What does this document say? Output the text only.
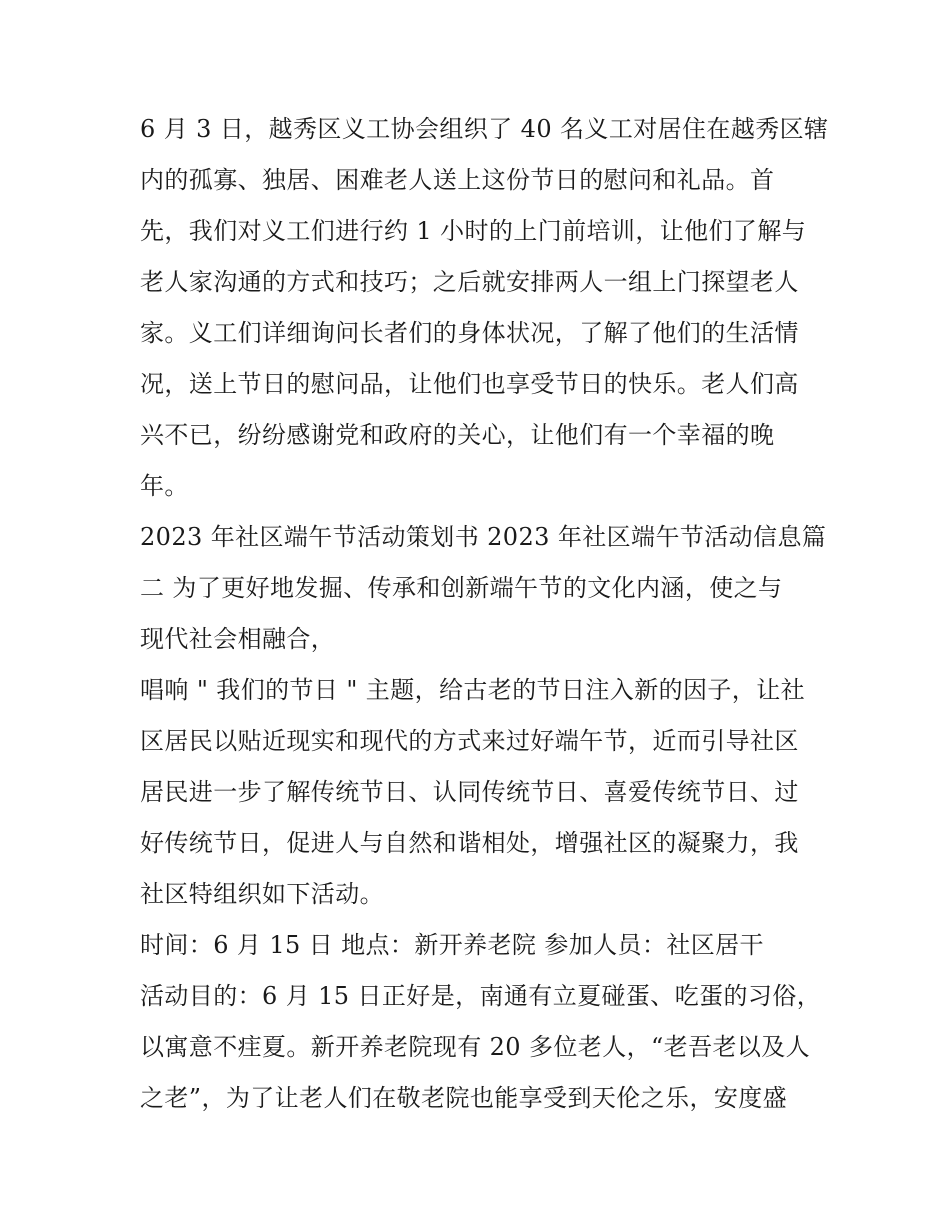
6 月 3 日，越秀区义工协会组织了 40 名义工对居住在越秀区辖
内的孤寡、独居、困难老人送上这份节日的慰问和礼品。首
先，我们对义工们进行约 1 小时的上门前培训，让他们了解与
老人家沟通的方式和技巧；之后就安排两人一组上门探望老人
家。义工们详细询问长者们的身体状况，了解了他们的生活情
况，送上节日的慰问品，让他们也享受节日的快乐。老人们高
兴不已，纷纷感谢党和政府的关心，让他们有一个幸福的晚
年。
2023 年社区端午节活动策划书 2023 年社区端午节活动信息篇
二 为了更好地发掘、传承和创新端午节的文化内涵，使之与
现代社会相融合，
唱响 " 我们的节日 " 主题，给古老的节日注入新的因子，让社
区居民以贴近现实和现代的方式来过好端午节，近而引导社区
居民进一步了解传统节日、认同传统节日、喜爱传统节日、过
好传统节日，促进人与自然和谐相处，增强社区的凝聚力，我
社区特组织如下活动。
时间：6 月 15 日 地点：新开养老院 参加人员：社区居干
活动目的：6 月 15 日正好是，南通有立夏碰蛋、吃蛋的习俗，
以寓意不疰夏。新开养老院现有 20 多位老人，“老吾老以及人
之老”，为了让老人们在敬老院也能享受到天伦之乐，安度盛
